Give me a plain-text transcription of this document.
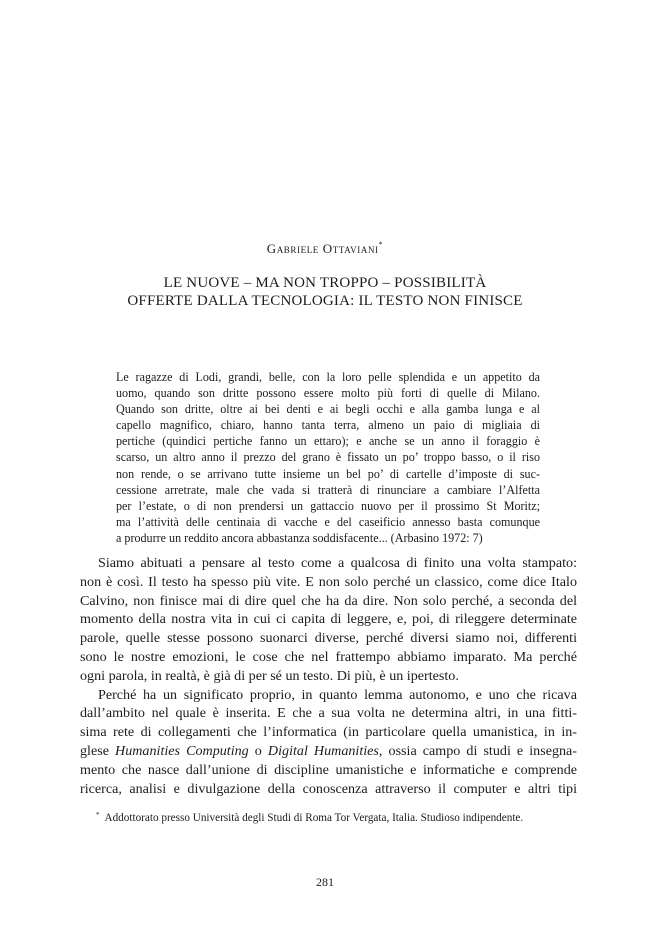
Gabriele Ottaviani*
LE NUOVE – MA NON TROPPO – POSSIBILITÀ
OFFERTE DALLA TECNOLOGIA: IL TESTO NON FINISCE
Le ragazze di Lodi, grandi, belle, con la loro pelle splendida e un appetito da
uomo, quando son dritte possono essere molto più forti di quelle di Milano.
Quando son dritte, oltre ai bei denti e ai begli occhi e alla gamba lunga e al
capello magnifico, chiaro, hanno tanta terra, almeno un paio di migliaia di
pertiche (quindici pertiche fanno un ettaro); e anche se un anno il foraggio è
scarso, un altro anno il prezzo del grano è fissato un po’ troppo basso, o il riso
non rende, o se arrivano tutte insieme un bel po’ di cartelle d’imposte di suc-
cessione arretrate, male che vada si tratterà di rinunciare a cambiare l’Alfetta
per l’estate, o di non prendersi un gattaccio nuovo per il prossimo St Moritz;
ma l’attività delle centinaia di vacche e del caseificio annesso basta comunque
a produrre un reddito ancora abbastanza soddisfacente... (Arbasino 1972: 7)
Siamo abituati a pensare al testo come a qualcosa di finito una volta stampato:
non è così. Il testo ha spesso più vite. E non solo perché un classico, come dice Italo
Calvino, non finisce mai di dire quel che ha da dire. Non solo perché, a seconda del
momento della nostra vita in cui ci capita di leggere, e, poi, di rileggere determinate
parole, quelle stesse possono suonarci diverse, perché diversi siamo noi, differenti
sono le nostre emozioni, le cose che nel frattempo abbiamo imparato. Ma perché
ogni parola, in realtà, è già di per sé un testo. Di più, è un ipertesto.
Perché ha un significato proprio, in quanto lemma autonomo, e uno che ricava
dall’ambito nel quale è inserita. E che a sua volta ne determina altri, in una fitti-
sima rete di collegamenti che l’informatica (in particolare quella umanistica, in in-
glese Humanities Computing o Digital Humanities, ossia campo di studi e insegna-
mento che nasce dall’unione di discipline umanistiche e informatiche e comprende
ricerca, analisi e divulgazione della conoscenza attraverso il computer e altri tipi
* Addottorato presso Università degli Studi di Roma Tor Vergata, Italia. Studioso indipendente.
281
